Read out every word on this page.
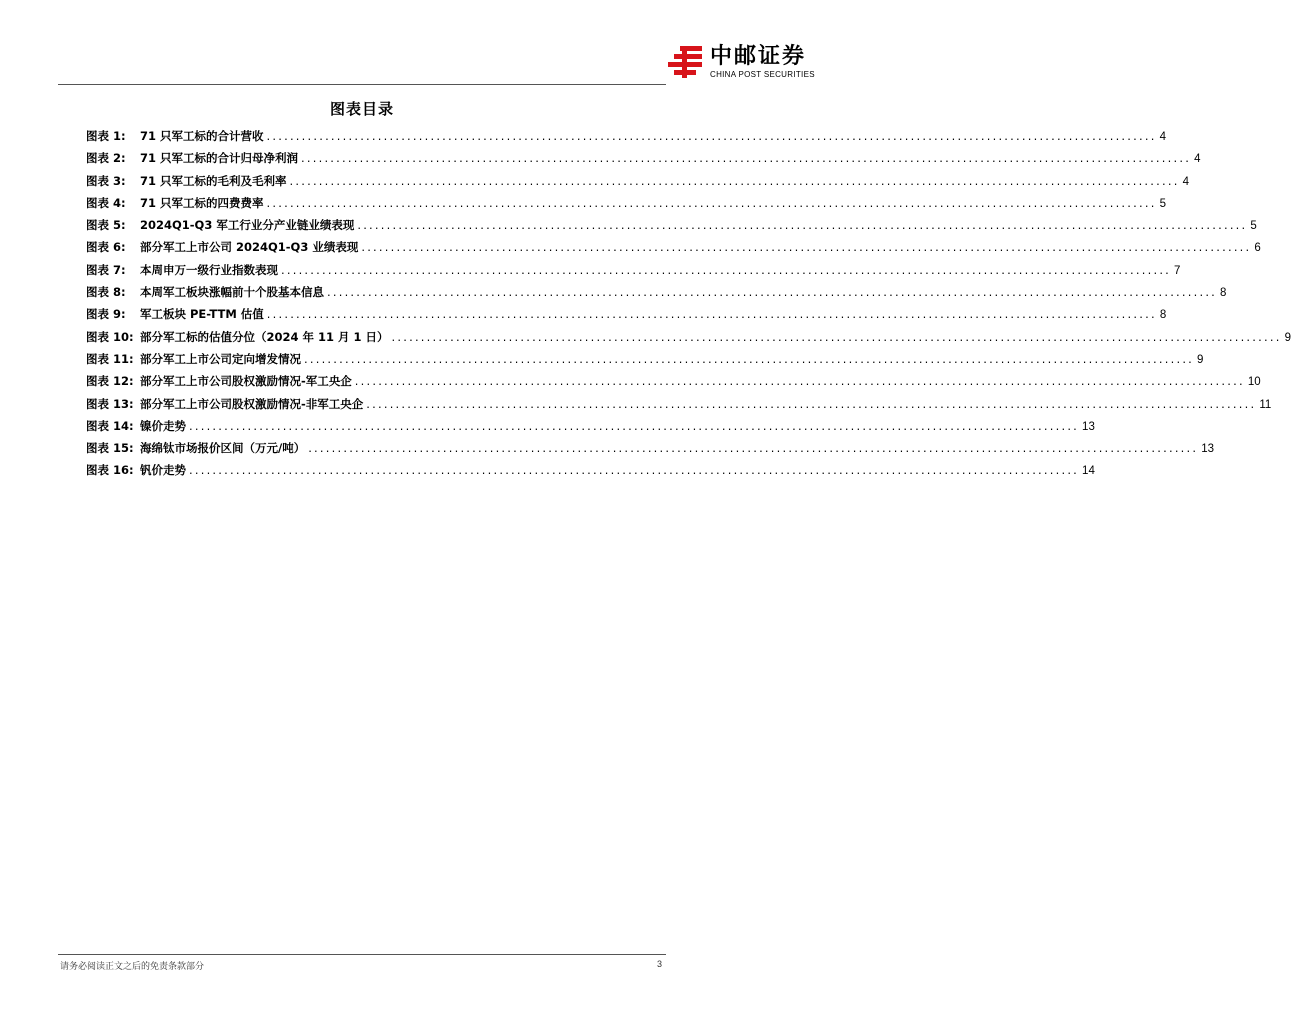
中邮证券
CHINA POST SECURITIES
图表目录
图表 1:	71 只军工标的合计营收 .....	4
图表 2:	71 只军工标的合计归母净利润 .....	4
图表 3:	71 只军工标的毛利及毛利率 .....	4
图表 4:	71 只军工标的四费费率 .....	5
图表 5:	2024Q1-Q3 军工行业分产业链业绩表现 .....	5
图表 6:	部分军工上市公司 2024Q1-Q3 业绩表现 .....	6
图表 7:	本周申万一级行业指数表现 .....	7
图表 8:	本周军工板块涨幅前十个股基本信息 .....	8
图表 9:	军工板块 PE-TTM 估值 .....	8
图表 10: 部分军工标的估值分位（2024 年 11 月 1 日） .....	9
图表 11: 部分军工上市公司定向增发情况 .....	9
图表 12: 部分军工上市公司股权激励情况-军工央企 .....	10
图表 13: 部分军工上市公司股权激励情况-非军工央企 .....	11
图表 14: 镍价走势 .....	13
图表 15: 海绵钛市场报价区间（万元/吨） .....	13
图表 16: 钒价走势 .....	14
请务必阅读正文之后的免责条款部分	3
